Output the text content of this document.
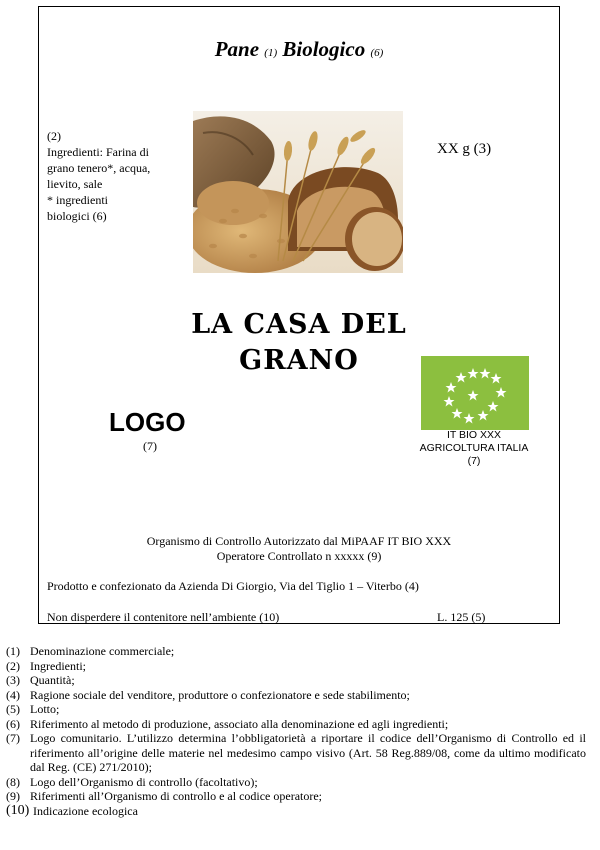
Pane (1) Biologico (6)
(2)
Ingredienti: Farina di
grano tenero*, acqua,
lievito, sale
* ingredienti
biologici (6)
XX g (3)
LA CASA DEL
GRANO
LOGO
(7)
IT BIO XXX
AGRICOLTURA ITALIA
(7)
Organismo di Controllo Autorizzato dal MiPAAF IT BIO XXX
Operatore Controllato n xxxxx (9)
Prodotto e confezionato da Azienda Di Giorgio, Via del Tiglio 1 – Viterbo (4)
Non disperdere il contenitore nell’ambiente (10)	L. 125 (5)
(1) Denominazione commerciale;
(2) Ingredienti;
(3) Quantità;
(4) Ragione sociale del venditore, produttore o confezionatore e sede stabilimento;
(5) Lotto;
(6) Riferimento al metodo di produzione, associato alla denominazione ed agli ingredienti;
(7) Logo comunitario. L’utilizzo determina l’obbligatorietà a riportare il codice dell’Organismo di Controllo ed il riferimento all’origine delle materie nel medesimo campo visivo (Art. 58 Reg.889/08, come da ultimo modificato dal Reg. (CE) 271/2010);
(8) Logo dell’Organismo di controllo (facoltativo);
(9) Riferimenti all’Organismo di controllo e al codice operatore;
(10) Indicazione ecologica
